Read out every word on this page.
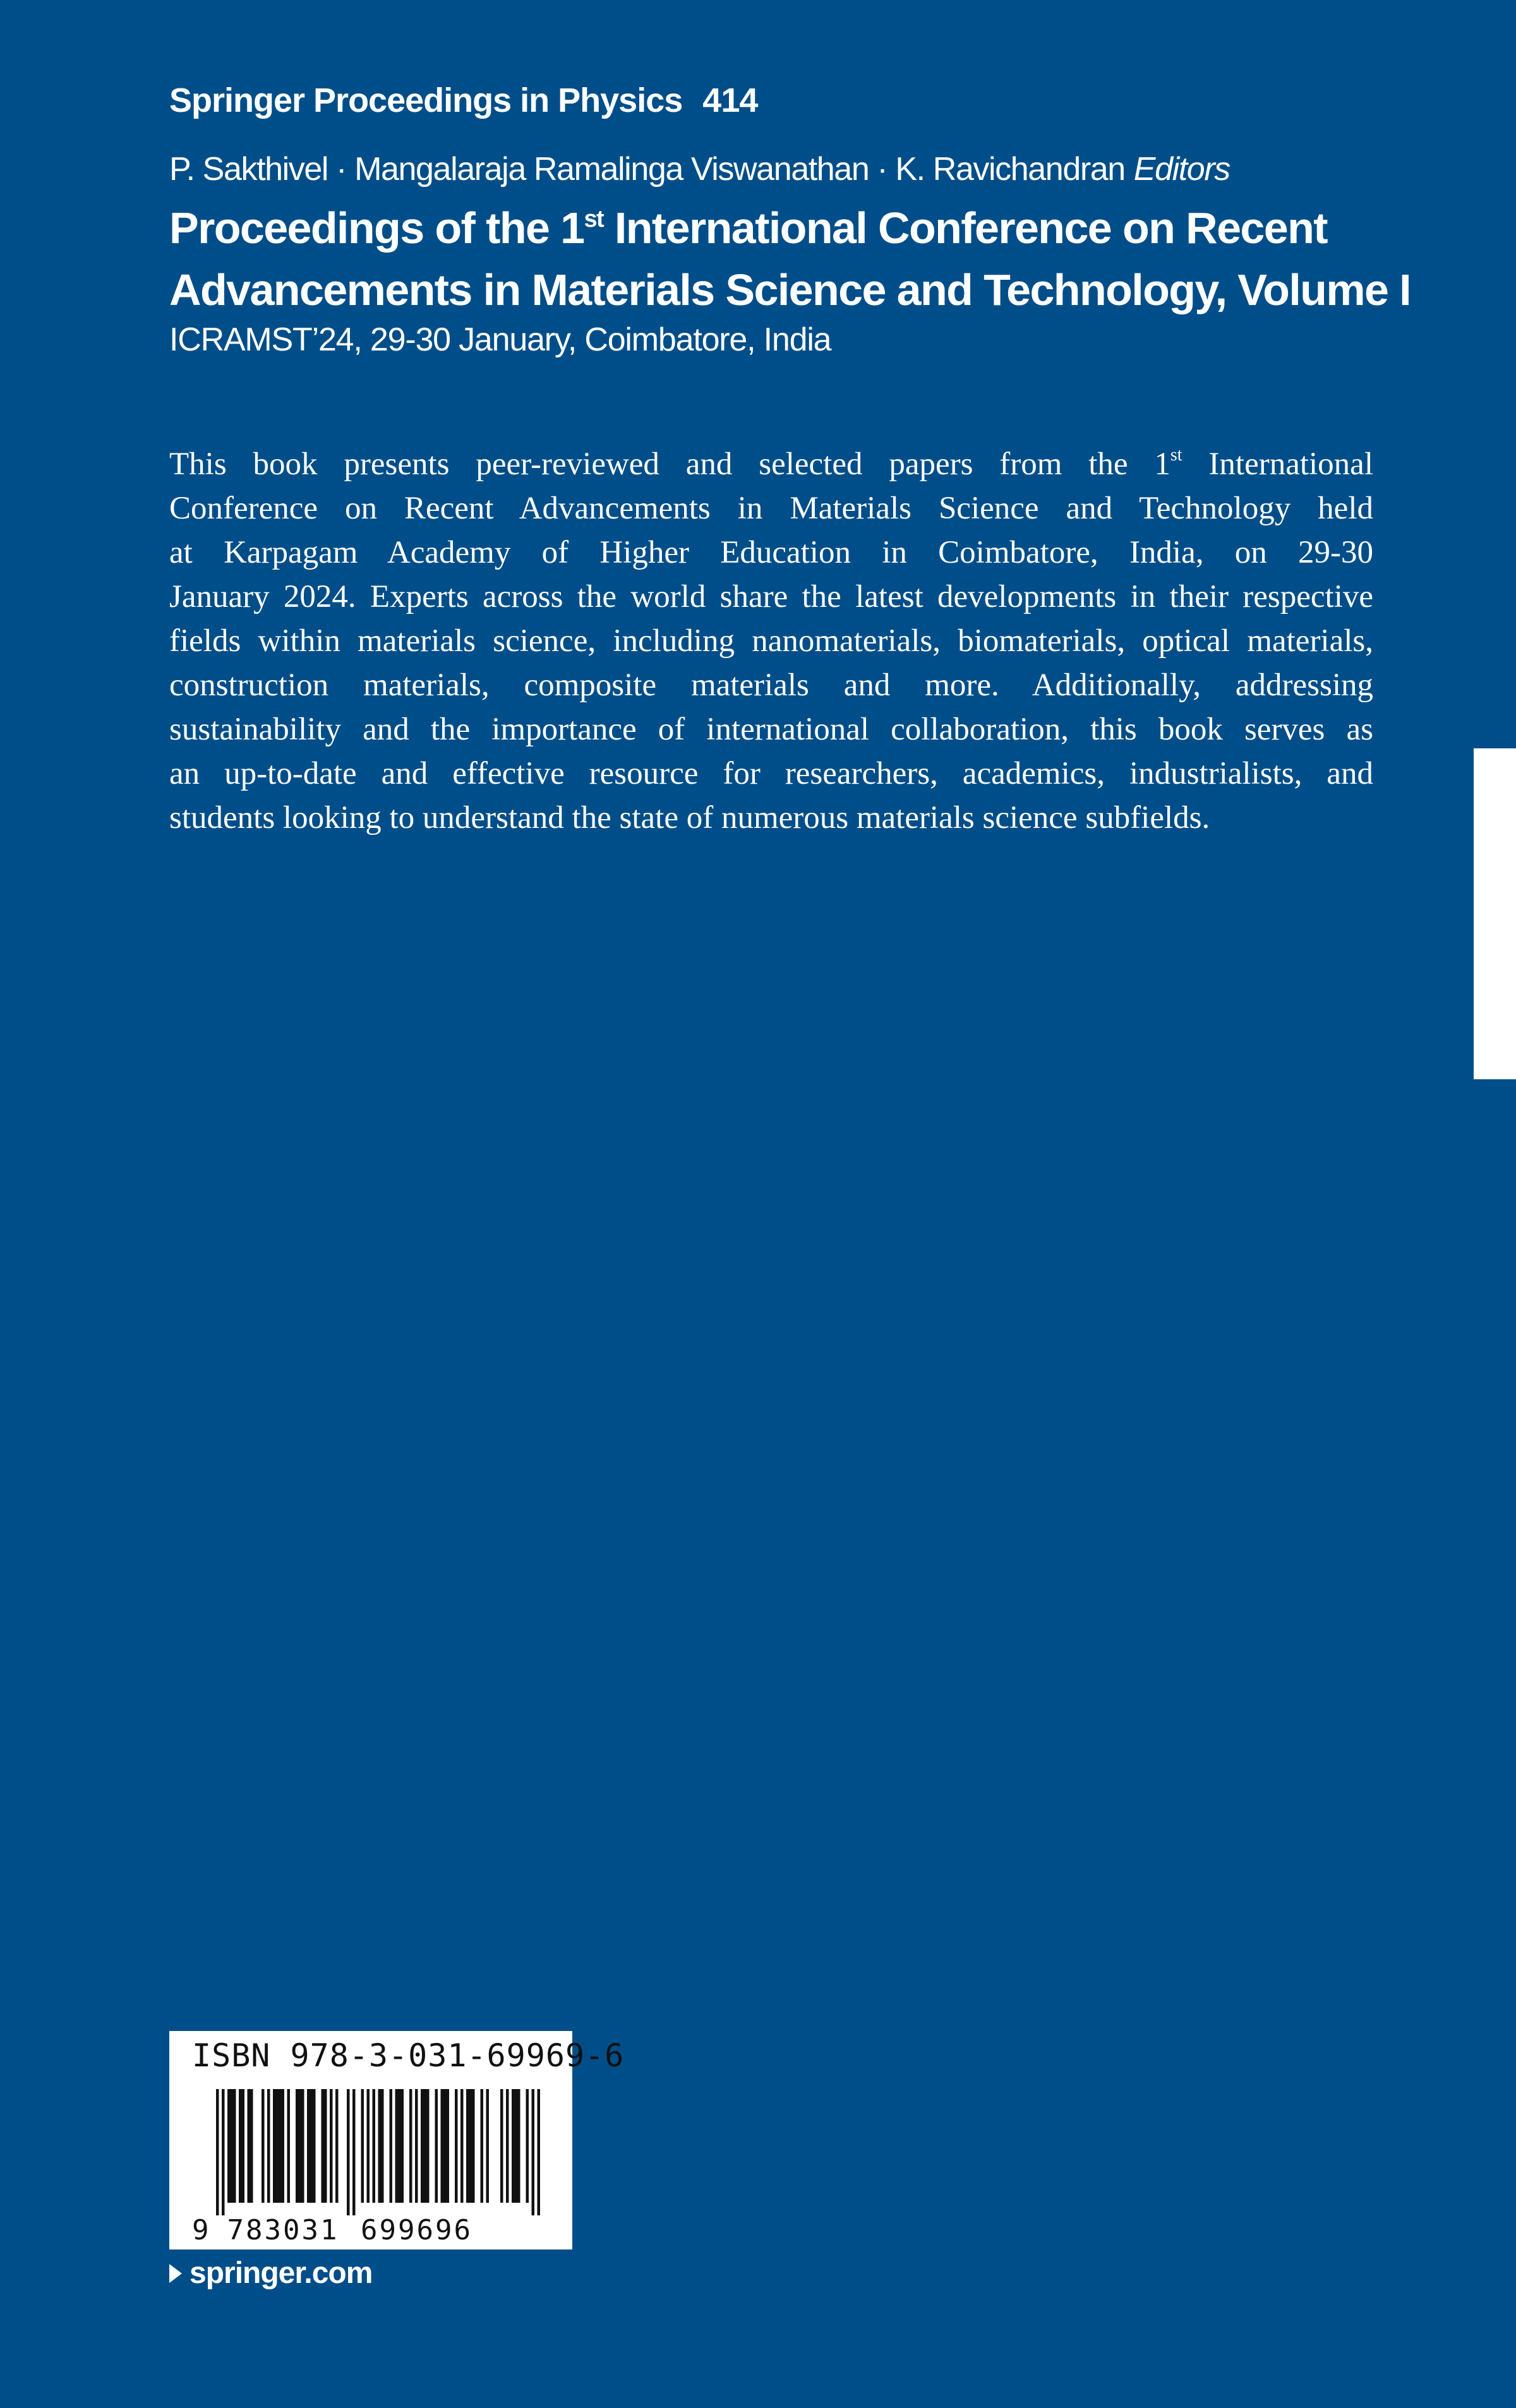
Springer Proceedings in Physics 414
P. Sakthivel · Mangalaraja Ramalinga Viswanathan · K. Ravichandran Editors
Proceedings of the 1st International Conference on Recent
Advancements in Materials Science and Technology, Volume I
ICRAMST’24, 29-30 January, Coimbatore, India
This book presents peer-reviewed and selected papers from the 1st International
Conference on Recent Advancements in Materials Science and Technology held
at Karpagam Academy of Higher Education in Coimbatore, India, on 29-30
January 2024. Experts across the world share the latest developments in their respective
fields within materials science, including nanomaterials, biomaterials, optical materials,
construction materials, composite materials and more. Additionally, addressing
sustainability and the importance of international collaboration, this book serves as
an up-to-date and effective resource for researchers, academics, industrialists, and
students looking to understand the state of numerous materials science subfields.
ISBN 978-3-031-69969-6
9 783031 699696
springer.com
